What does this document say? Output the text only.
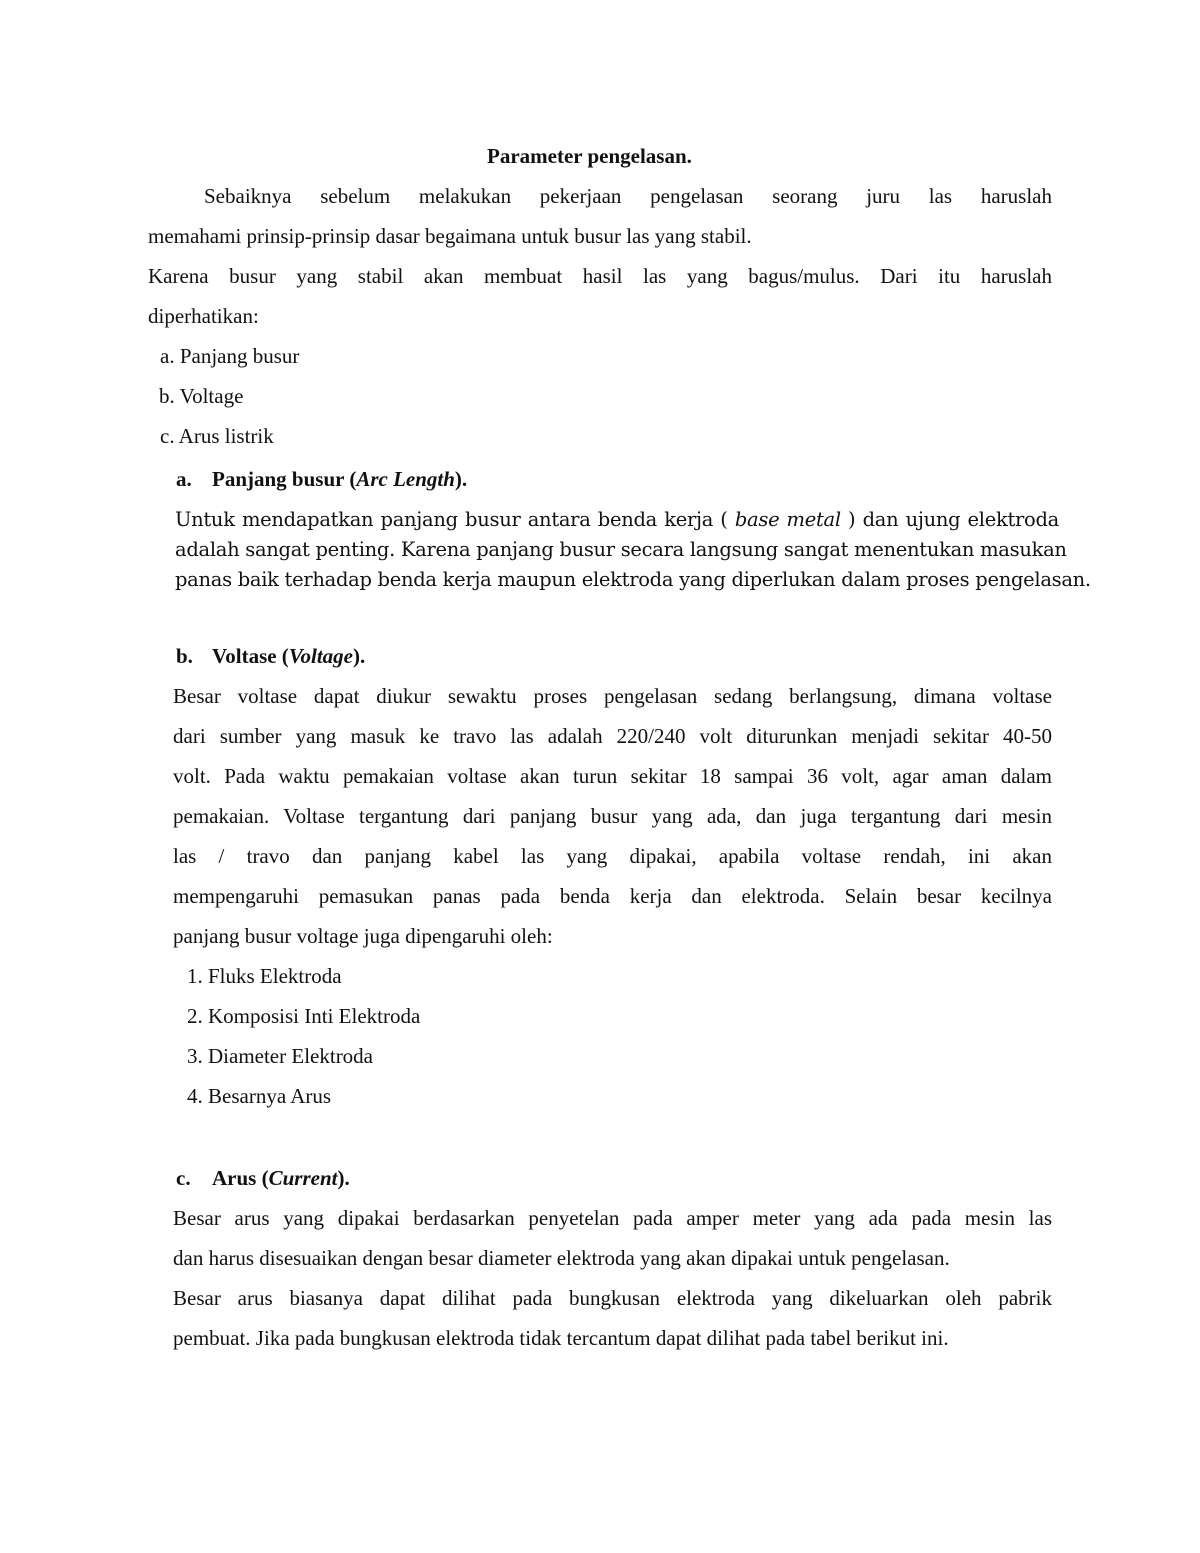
Parameter pengelasan.
Sebaiknya sebelum melakukan pekerjaan pengelasan seorang juru las haruslah
memahami prinsip-prinsip dasar begaimana untuk busur las yang stabil.
Karena busur yang stabil akan membuat hasil las yang bagus/mulus. Dari itu haruslah
diperhatikan:
a. Panjang busur
b. Voltage
c. Arus listrik
a. Panjang busur (Arc Length).
Untuk mendapatkan panjang busur antara benda kerja ( base metal ) dan ujung elektroda
adalah sangat penting. Karena panjang busur secara langsung sangat menentukan masukan
panas baik terhadap benda kerja maupun elektroda yang diperlukan dalam proses pengelasan.
b. Voltase (Voltage).
Besar voltase dapat diukur sewaktu proses pengelasan sedang berlangsung, dimana voltase
dari sumber yang masuk ke travo las adalah 220/240 volt diturunkan menjadi sekitar 40-50
volt. Pada waktu pemakaian voltase akan turun sekitar 18 sampai 36 volt, agar aman dalam
pemakaian. Voltase tergantung dari panjang busur yang ada, dan juga tergantung dari mesin
las / travo dan panjang kabel las yang dipakai, apabila voltase rendah, ini akan
mempengaruhi pemasukan panas pada benda kerja dan elektroda. Selain besar kecilnya
panjang busur voltage juga dipengaruhi oleh:
1. Fluks Elektroda
2. Komposisi Inti Elektroda
3. Diameter Elektroda
4. Besarnya Arus
c. Arus (Current).
Besar arus yang dipakai berdasarkan penyetelan pada amper meter yang ada pada mesin las
dan harus disesuaikan dengan besar diameter elektroda yang akan dipakai untuk pengelasan.
Besar arus biasanya dapat dilihat pada bungkusan elektroda yang dikeluarkan oleh pabrik
pembuat. Jika pada bungkusan elektroda tidak tercantum dapat dilihat pada tabel berikut ini.
